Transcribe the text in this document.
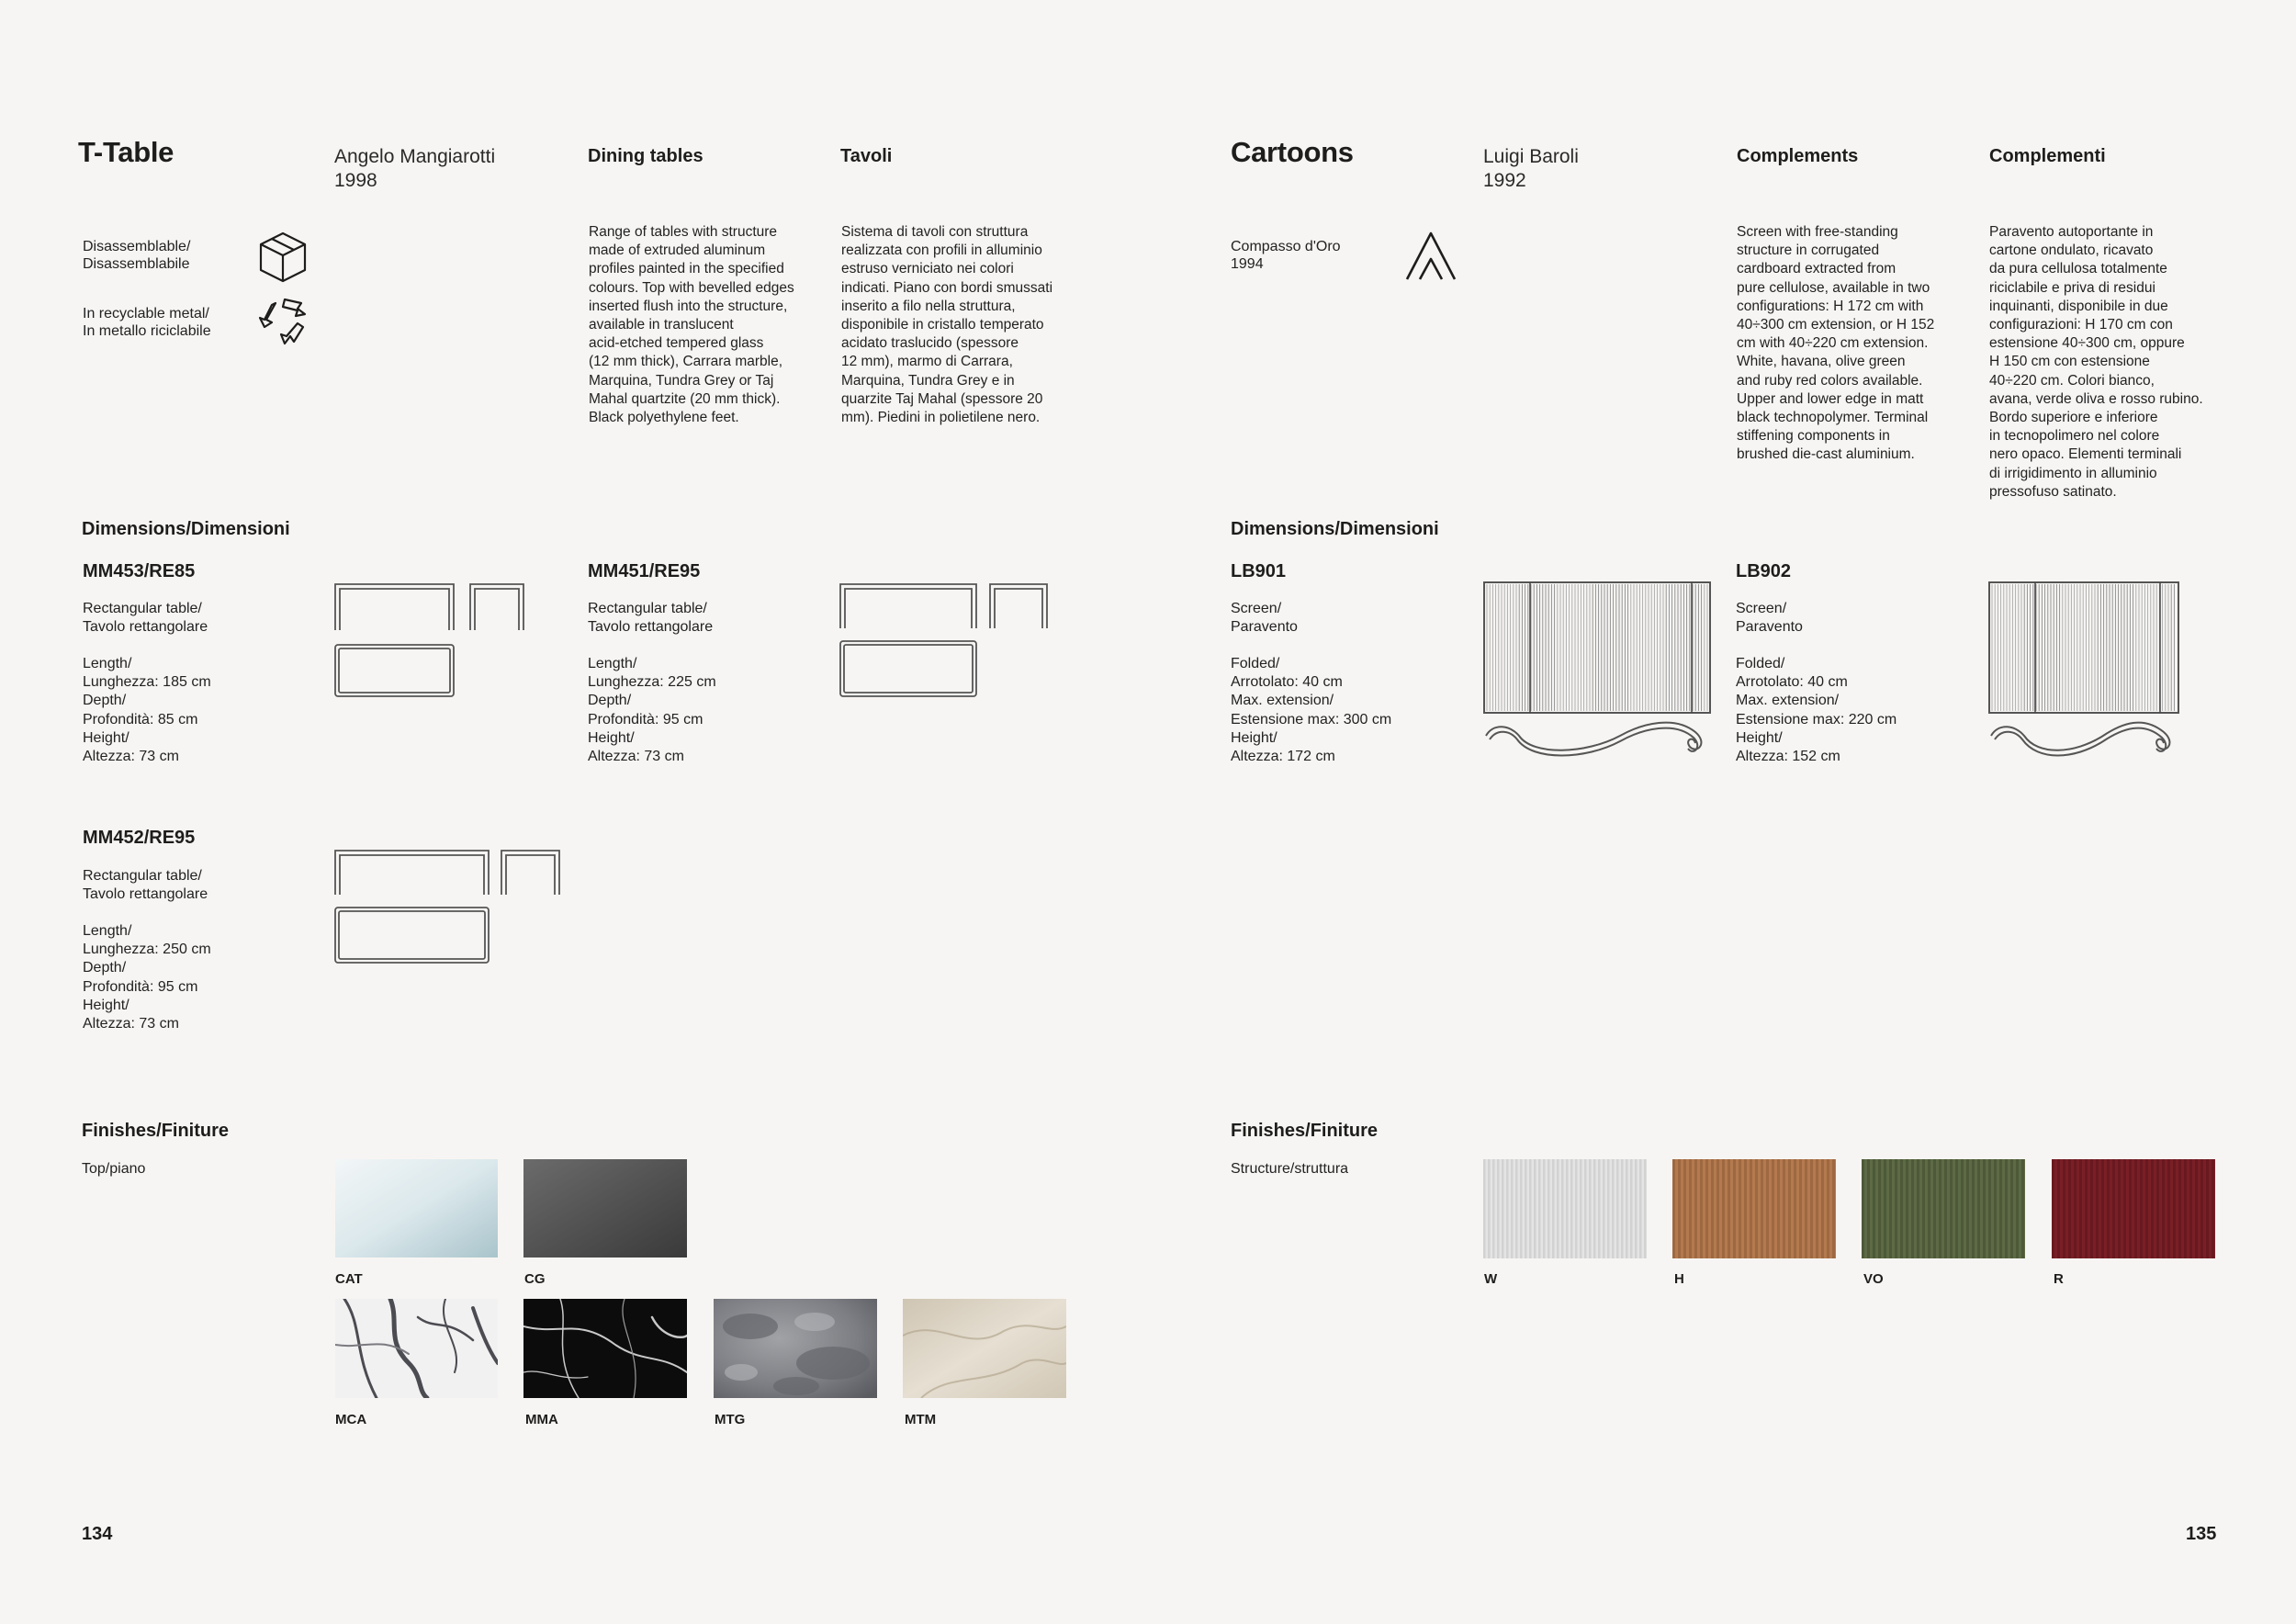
T-Table	Angelo Mangiarotti
1998
Dining tables	Tavoli
Disassemblable/
Disassemblabile
In recyclable metal/
In metallo riciclabile
Range of tables with structure
made of extruded aluminum
profiles painted in the specified
colours. Top with bevelled edges
inserted flush into the structure,
available in translucent
acid-etched tempered glass
(12 mm thick), Carrara marble,
Marquina, Tundra Grey or Taj
Mahal quartzite (20 mm thick).
Black polyethylene feet.
Sistema di tavoli con struttura
realizzata con profili in alluminio
estruso verniciato nei colori
indicati. Piano con bordi smussati
inserito a filo nella struttura,
disponibile in cristallo temperato
acidato traslucido (spessore
12 mm), marmo di Carrara,
Marquina, Tundra Grey e in
quarzite Taj Mahal (spessore 20
mm). Piedini in polietilene nero.
Dimensions/Dimensioni
MM453/RE85
Rectangular table/
Tavolo rettangolare
Length/
Lunghezza: 185 cm
Depth/
Profondità: 85 cm
Height/
Altezza: 73 cm
MM451/RE95
Rectangular table/
Tavolo rettangolare
Length/
Lunghezza: 225 cm
Depth/
Profondità: 95 cm
Height/
Altezza: 73 cm
MM452/RE95
Rectangular table/
Tavolo rettangolare
Length/
Lunghezza: 250 cm
Depth/
Profondità: 95 cm
Height/
Altezza: 73 cm
Finishes/Finiture
Top/piano
CAT	CG
MCA	MMA	MTG	MTM
134
Cartoons	Luigi Baroli
1992
Complements	Complementi
Compasso d'Oro
1994
Screen with free-standing
structure in corrugated
cardboard extracted from
pure cellulose, available in two
configurations: H 172 cm with
40÷300 cm extension, or H 152
cm with 40÷220 cm extension.
White, havana, olive green
and ruby red colors available.
Upper and lower edge in matt
black technopolymer. Terminal
stiffening components in
brushed die-cast aluminium.
Paravento autoportante in
cartone ondulato, ricavato
da pura cellulosa totalmente
riciclabile e priva di residui
inquinanti, disponibile in due
configurazioni: H 170 cm con
estensione 40÷300 cm, oppure
H 150 cm con estensione
40÷220 cm. Colori bianco,
avana, verde oliva e rosso rubino.
Bordo superiore e inferiore
in tecnopolimero nel colore
nero opaco. Elementi terminali
di irrigidimento in alluminio
pressofuso satinato.
Dimensions/Dimensioni
LB901
Screen/
Paravento
Folded/
Arrotolato: 40 cm
Max. extension/
Estensione max: 300 cm
Height/
Altezza: 172 cm
LB902
Screen/
Paravento
Folded/
Arrotolato: 40 cm
Max. extension/
Estensione max: 220 cm
Height/
Altezza: 152 cm
Finishes/Finiture
Structure/struttura
W	H	VO	R
135
